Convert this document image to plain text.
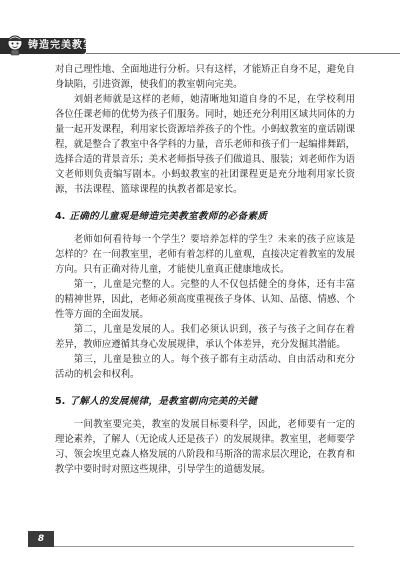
铸造完美教室

对自己理性地、全面地进行分析。只有这样，才能矫正自身不足，避免自身缺陷，引进资源，使我们的教室朝向完美。

刘娟老师就是这样的老师，她清晰地知道自身的不足，在学校利用各位任课老师的优势为孩子们服务。同时，她还充分利用区域共同体的力量一起开发课程，利用家长资源培养孩子的个性。小蚂蚁教室的童话剧课程，就是整合了教室中各学科的力量，音乐老师和孩子们一起编排舞蹈，选择合适的背景音乐；美术老师指导孩子们做道具、服装；刘老师作为语文老师则负责编写剧本。小蚂蚁教室的社团课程更是充分地利用家长资源，书法课程、篮球课程的执教者都是家长。

4. 正确的儿童观是缔造完美教室教师的必备素质

老师如何看待每一个学生？要培养怎样的学生？未来的孩子应该是怎样的？在一间教室里，老师有着怎样的儿童观，直接决定着教室的发展方向。只有正确对待儿童，才能使儿童真正健康地成长。

第一，儿童是完整的人。完整的人不仅包括健全的身体，还有丰富的精神世界，因此，老师必须高度重视孩子身体、认知、品德、情感、个性等方面的全面发展。

第二，儿童是发展的人。我们必须认识到，孩子与孩子之间存在着差异，教师应遵循其身心发展规律，承认个体差异，充分发掘其潜能。

第三，儿童是独立的人。每个孩子都有主动活动、自由活动和充分活动的机会和权利。

5. 了解人的发展规律，是教室朝向完美的关键

一间教室要完美，教室的发展目标要科学，因此，老师要有一定的理论素养，了解人（无论成人还是孩子）的发展规律。教室里，老师要学习、领会埃里克森人格发展的八阶段和马斯洛的需求层次理论，在教育和教学中要时时对照这些规律，引导学生的道德发展。

8
